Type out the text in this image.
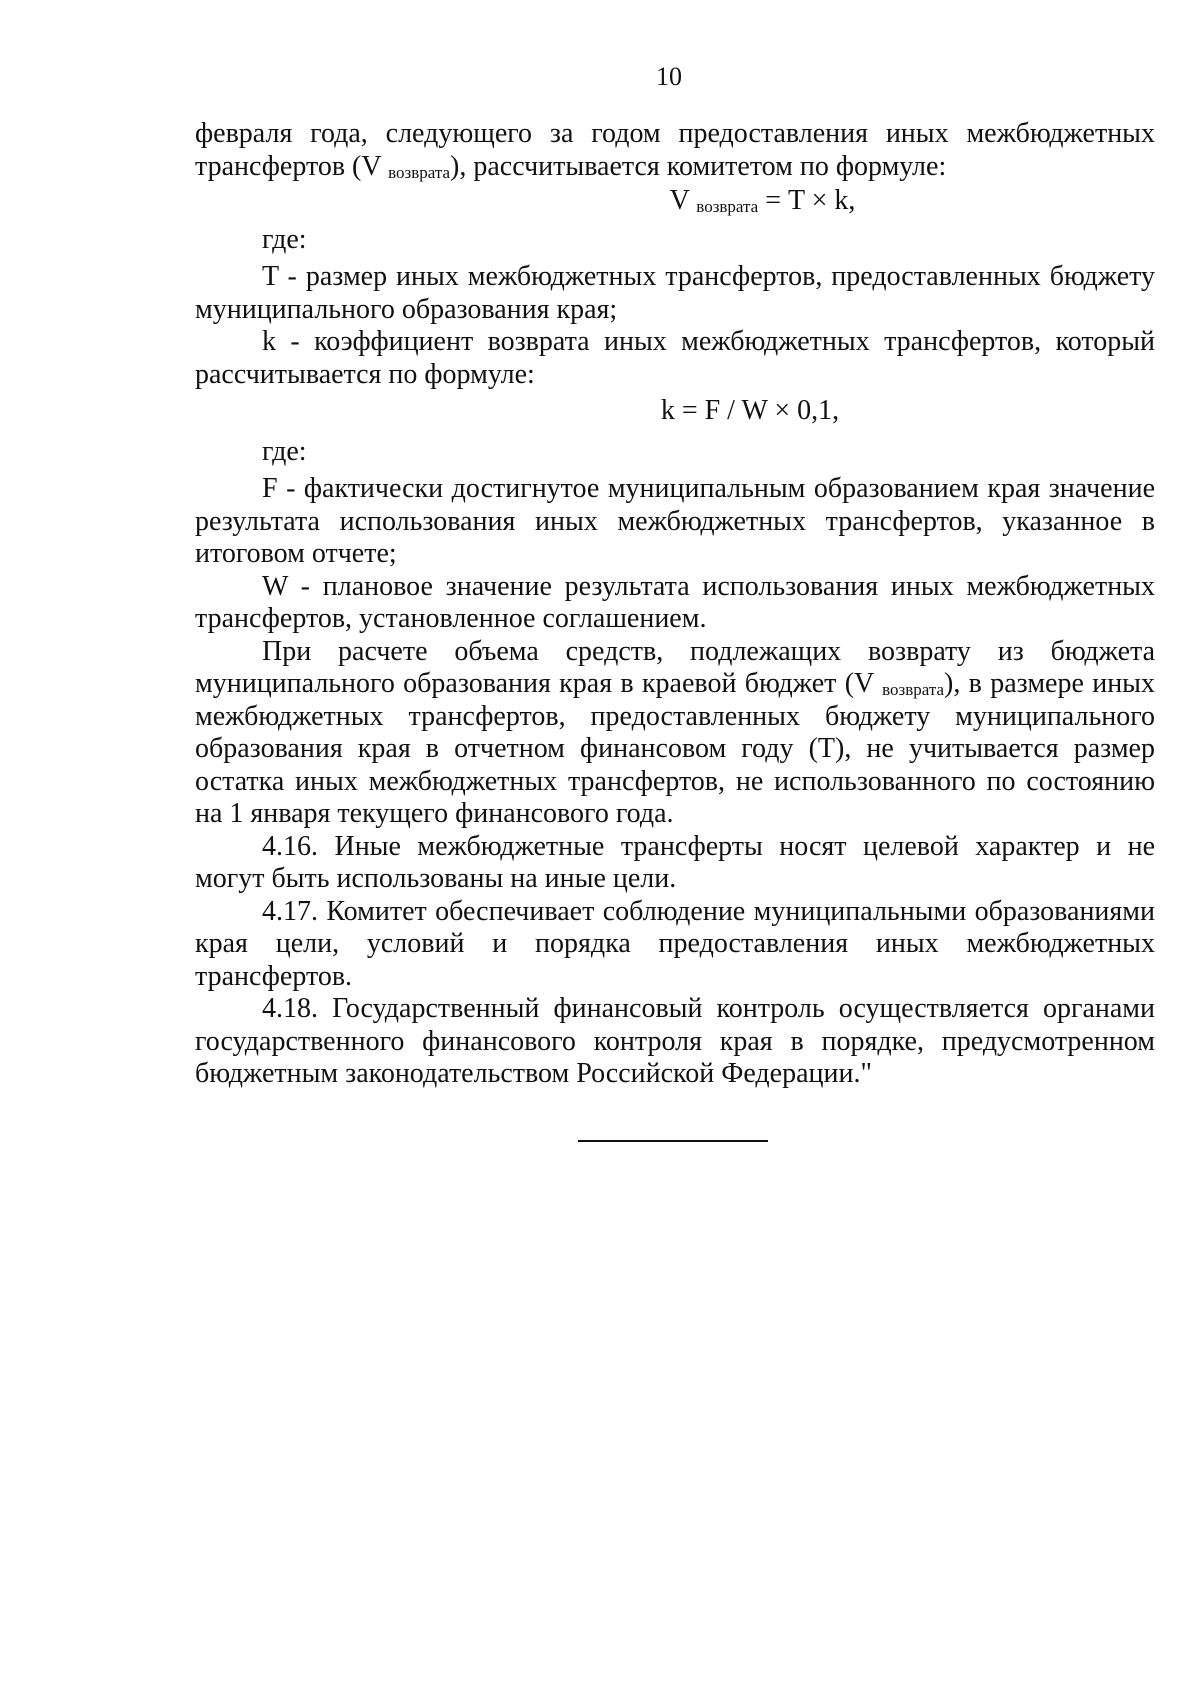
10

февраля года, следующего за годом предоставления иных межбюджетных трансфертов (V $_{возврата}$), рассчитывается комитетом по формуле:

V $_{возврата}$ = T × k,

где:

T - размер иных межбюджетных трансфертов, предоставленных бюджету муниципального образования края;

k - коэффициент возврата иных межбюджетных трансфертов, который рассчитывается по формуле:

k = F / W × 0,1,

где:

F - фактически достигнутое муниципальным образованием края значение результата использования иных межбюджетных трансфертов, указанное в итоговом отчете;

W - плановое значение результата использования иных межбюджетных трансфертов, установленное соглашением.

При расчете объема средств, подлежащих возврату из бюджета муниципального образования края в краевой бюджет (V $_{возврата}$), в размере иных межбюджетных трансфертов, предоставленных бюджету муниципального образования края в отчетном финансовом году (T), не учитывается размер остатка иных межбюджетных трансфертов, не использованного по состоянию на 1 января текущего финансового года.

4.16. Иные межбюджетные трансферты носят целевой характер и не могут быть использованы на иные цели.

4.17. Комитет обеспечивает соблюдение муниципальными образованиями края цели, условий и порядка предоставления иных межбюджетных трансфертов.

4.18. Государственный финансовый контроль осуществляется органами государственного финансового контроля края в порядке, предусмотренном бюджетным законодательством Российской Федерации."
